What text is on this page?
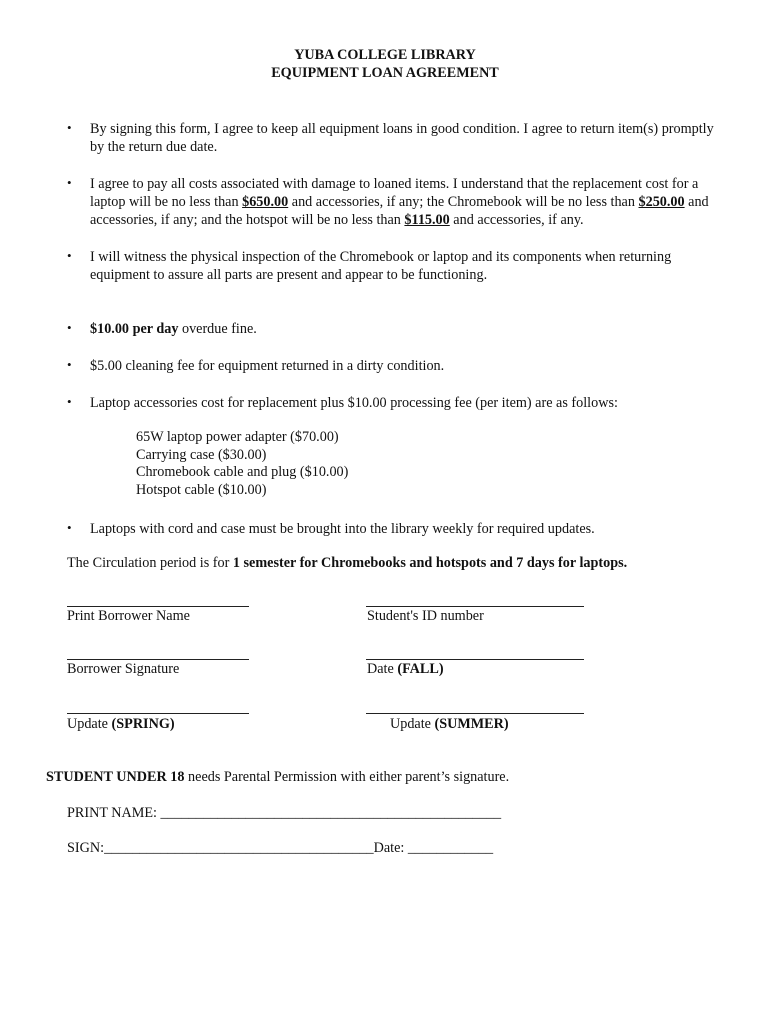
YUBA COLLEGE LIBRARY
EQUIPMENT LOAN AGREEMENT
•
By signing this form, I agree to keep all equipment loans in good condition. I agree to return item(s) promptly by the return due date.
•
I agree to pay all costs associated with damage to loaned items. I understand that the replacement cost for a laptop will be no less than $650.00 and accessories, if any; the Chromebook will be no less than $250.00 and accessories, if any; and the hotspot will be no less than $115.00 and accessories, if any.
•
I will witness the physical inspection of the Chromebook or laptop and its components when returning equipment to assure all parts are present and appear to be functioning.
•
$10.00 per day overdue fine.
•
$5.00 cleaning fee for equipment returned in a dirty condition.
•
Laptop accessories cost for replacement plus $10.00 processing fee (per item) are as follows:
65W laptop power adapter ($70.00)
Carrying case ($30.00)
Chromebook cable and plug ($10.00)
Hotspot cable ($10.00)
•
Laptops with cord and case must be brought into the library weekly for required updates.
The Circulation period is for 1 semester for Chromebooks and hotspots and 7 days for laptops.
Print Borrower Name	Student's ID number
Borrower Signature	Date (FALL)
Update (SPRING)	Update (SUMMER)
STUDENT UNDER 18 needs Parental Permission with either parent’s signature.
PRINT NAME: ________________________________________________
SIGN:______________________________________Date: ____________
